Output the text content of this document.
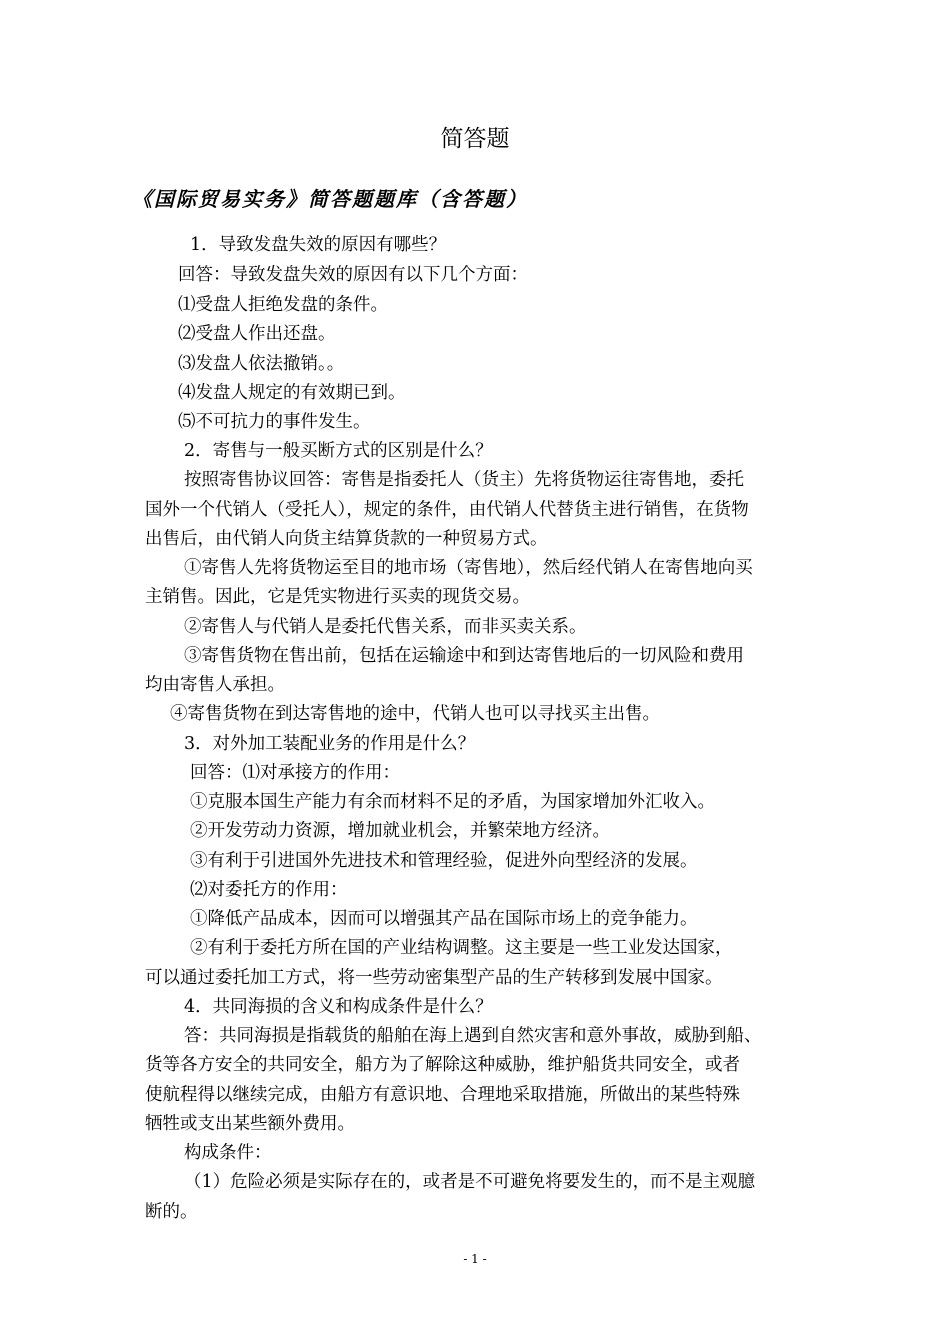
简答题
《国际贸易实务》简答题题库（含答题）
1．导致发盘失效的原因有哪些？
回答：导致发盘失效的原因有以下几个方面：
⑴受盘人拒绝发盘的条件。
⑵受盘人作出还盘。
⑶发盘人依法撤销。。
⑷发盘人规定的有效期已到。
⑸不可抗力的事件发生。
2．寄售与一般买断方式的区别是什么？
按照寄售协议回答：寄售是指委托人（货主）先将货物运往寄售地，委托
国外一个代销人（受托人），规定的条件，由代销人代替货主进行销售，在货物
出售后，由代销人向货主结算货款的一种贸易方式。
①寄售人先将货物运至目的地市场（寄售地），然后经代销人在寄售地向买
主销售。因此，它是凭实物进行买卖的现货交易。
②寄售人与代销人是委托代售关系，而非买卖关系。
③寄售货物在售出前，包括在运输途中和到达寄售地后的一切风险和费用
均由寄售人承担。
④寄售货物在到达寄售地的途中，代销人也可以寻找买主出售。
3．对外加工装配业务的作用是什么？
回答：⑴对承接方的作用：
①克服本国生产能力有余而材料不足的矛盾，为国家增加外汇收入。
②开发劳动力资源，增加就业机会，并繁荣地方经济。
③有利于引进国外先进技术和管理经验，促进外向型经济的发展。
⑵对委托方的作用：
①降低产品成本，因而可以增强其产品在国际市场上的竞争能力。
②有利于委托方所在国的产业结构调整。这主要是一些工业发达国家，
可以通过委托加工方式，将一些劳动密集型产品的生产转移到发展中国家。
4．共同海损的含义和构成条件是什么？
答：共同海损是指载货的船舶在海上遇到自然灾害和意外事故，威胁到船、
货等各方安全的共同安全，船方为了解除这种威胁，维护船货共同安全，或者
使航程得以继续完成，由船方有意识地、合理地采取措施，所做出的某些特殊
牺牲或支出某些额外费用。
构成条件：
（1）危险必须是实际存在的，或者是不可避免将要发生的，而不是主观臆
断的。
- 1 -
